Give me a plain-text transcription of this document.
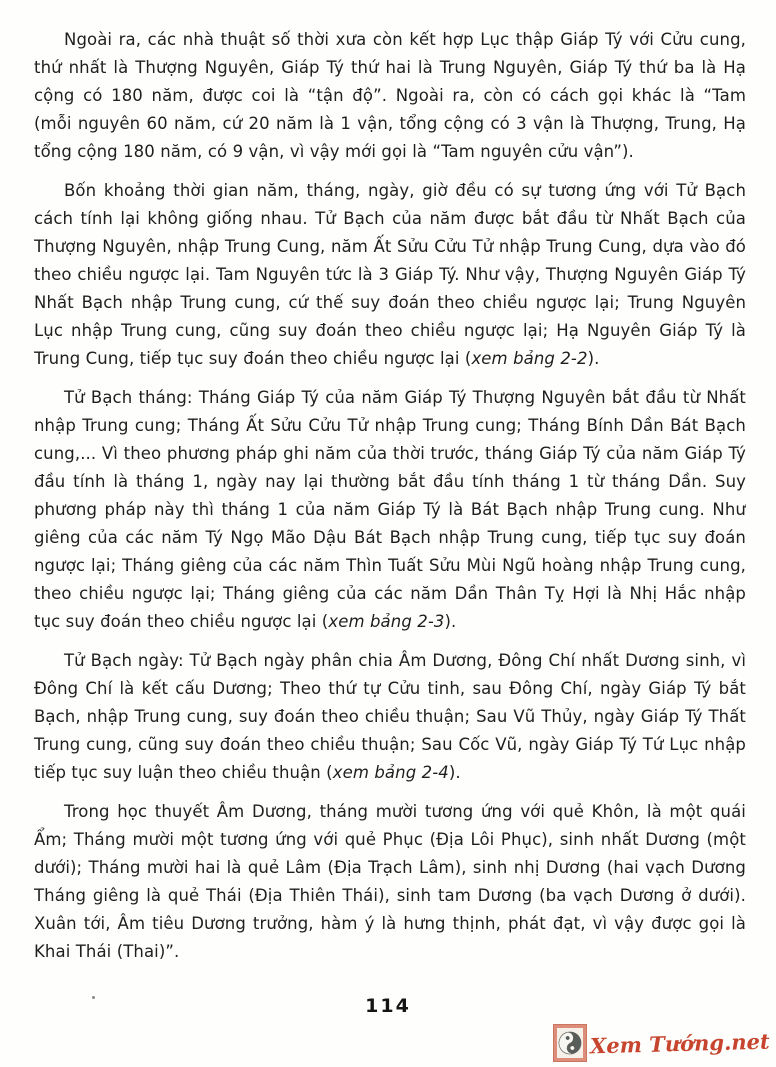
Ngoài ra, các nhà thuật số thời xưa còn kết hợp Lục thập Giáp Tý với Cửu cung,
thứ nhất là Thượng Nguyên, Giáp Tý thứ hai là Trung Nguyên, Giáp Tý thứ ba là Hạ
cộng có 180 năm, được coi là “tận độ”. Ngoài ra, còn có cách gọi khác là “Tam
(mỗi nguyên 60 năm, cứ 20 năm là 1 vận, tổng cộng có 3 vận là Thượng, Trung, Hạ
tổng cộng 180 năm, có 9 vận, vì vậy mới gọi là “Tam nguyên cửu vận”).
Bốn khoảng thời gian năm, tháng, ngày, giờ đều có sự tương ứng với Tử Bạch
cách tính lại không giống nhau. Tử Bạch của năm được bắt đầu từ Nhất Bạch của
Thượng Nguyên, nhập Trung Cung, năm Ất Sửu Cửu Tử nhập Trung Cung, dựa vào đó
theo chiều ngược lại. Tam Nguyên tức là 3 Giáp Tý. Như vậy, Thượng Nguyên Giáp Tý
Nhất Bạch nhập Trung cung, cứ thế suy đoán theo chiều ngược lại; Trung Nguyên
Lục nhập Trung cung, cũng suy đoán theo chiều ngược lại; Hạ Nguyên Giáp Tý là
Trung Cung, tiếp tục suy đoán theo chiều ngược lại (xem bảng 2-2).
Tử Bạch tháng: Tháng Giáp Tý của năm Giáp Tý Thượng Nguyên bắt đầu từ Nhất
nhập Trung cung; Tháng Ất Sửu Cửu Tử nhập Trung cung; Tháng Bính Dần Bát Bạch
cung,... Vì theo phương pháp ghi năm của thời trước, tháng Giáp Tý của năm Giáp Tý
đầu tính là tháng 1, ngày nay lại thường bắt đầu tính tháng 1 từ tháng Dần. Suy
phương pháp này thì tháng 1 của năm Giáp Tý là Bát Bạch nhập Trung cung. Như
giêng của các năm Tý Ngọ Mão Dậu Bát Bạch nhập Trung cung, tiếp tục suy đoán
ngược lại; Tháng giêng của các năm Thìn Tuất Sửu Mùi Ngũ hoàng nhập Trung cung,
theo chiều ngược lại; Tháng giêng của các năm Dần Thân Tỵ Hợi là Nhị Hắc nhập
tục suy đoán theo chiều ngược lại (xem bảng 2-3).
Tử Bạch ngày: Tử Bạch ngày phân chia Âm Dương, Đông Chí nhất Dương sinh, vì
Đông Chí là kết cấu Dương; Theo thứ tự Cửu tinh, sau Đông Chí, ngày Giáp Tý bắt
Bạch, nhập Trung cung, suy đoán theo chiều thuận; Sau Vũ Thủy, ngày Giáp Tý Thất
Trung cung, cũng suy đoán theo chiều thuận; Sau Cốc Vũ, ngày Giáp Tý Tứ Lục nhập
tiếp tục suy luận theo chiều thuận (xem bảng 2-4).
Trong học thuyết Âm Dương, tháng mười tương ứng với quẻ Khôn, là một quái
Ẩm; Tháng mười một tương ứng với quẻ Phục (Địa Lôi Phục), sinh nhất Dương (một
dưới); Tháng mười hai là quẻ Lâm (Địa Trạch Lâm), sinh nhị Dương (hai vạch Dương
Tháng giêng là quẻ Thái (Địa Thiên Thái), sinh tam Dương (ba vạch Dương ở dưới).
Xuân tới, Âm tiêu Dương trưởng, hàm ý là hưng thịnh, phát đạt, vì vậy được gọi là
Khai Thái (Thai)”.
114
Xem Tướng.net
